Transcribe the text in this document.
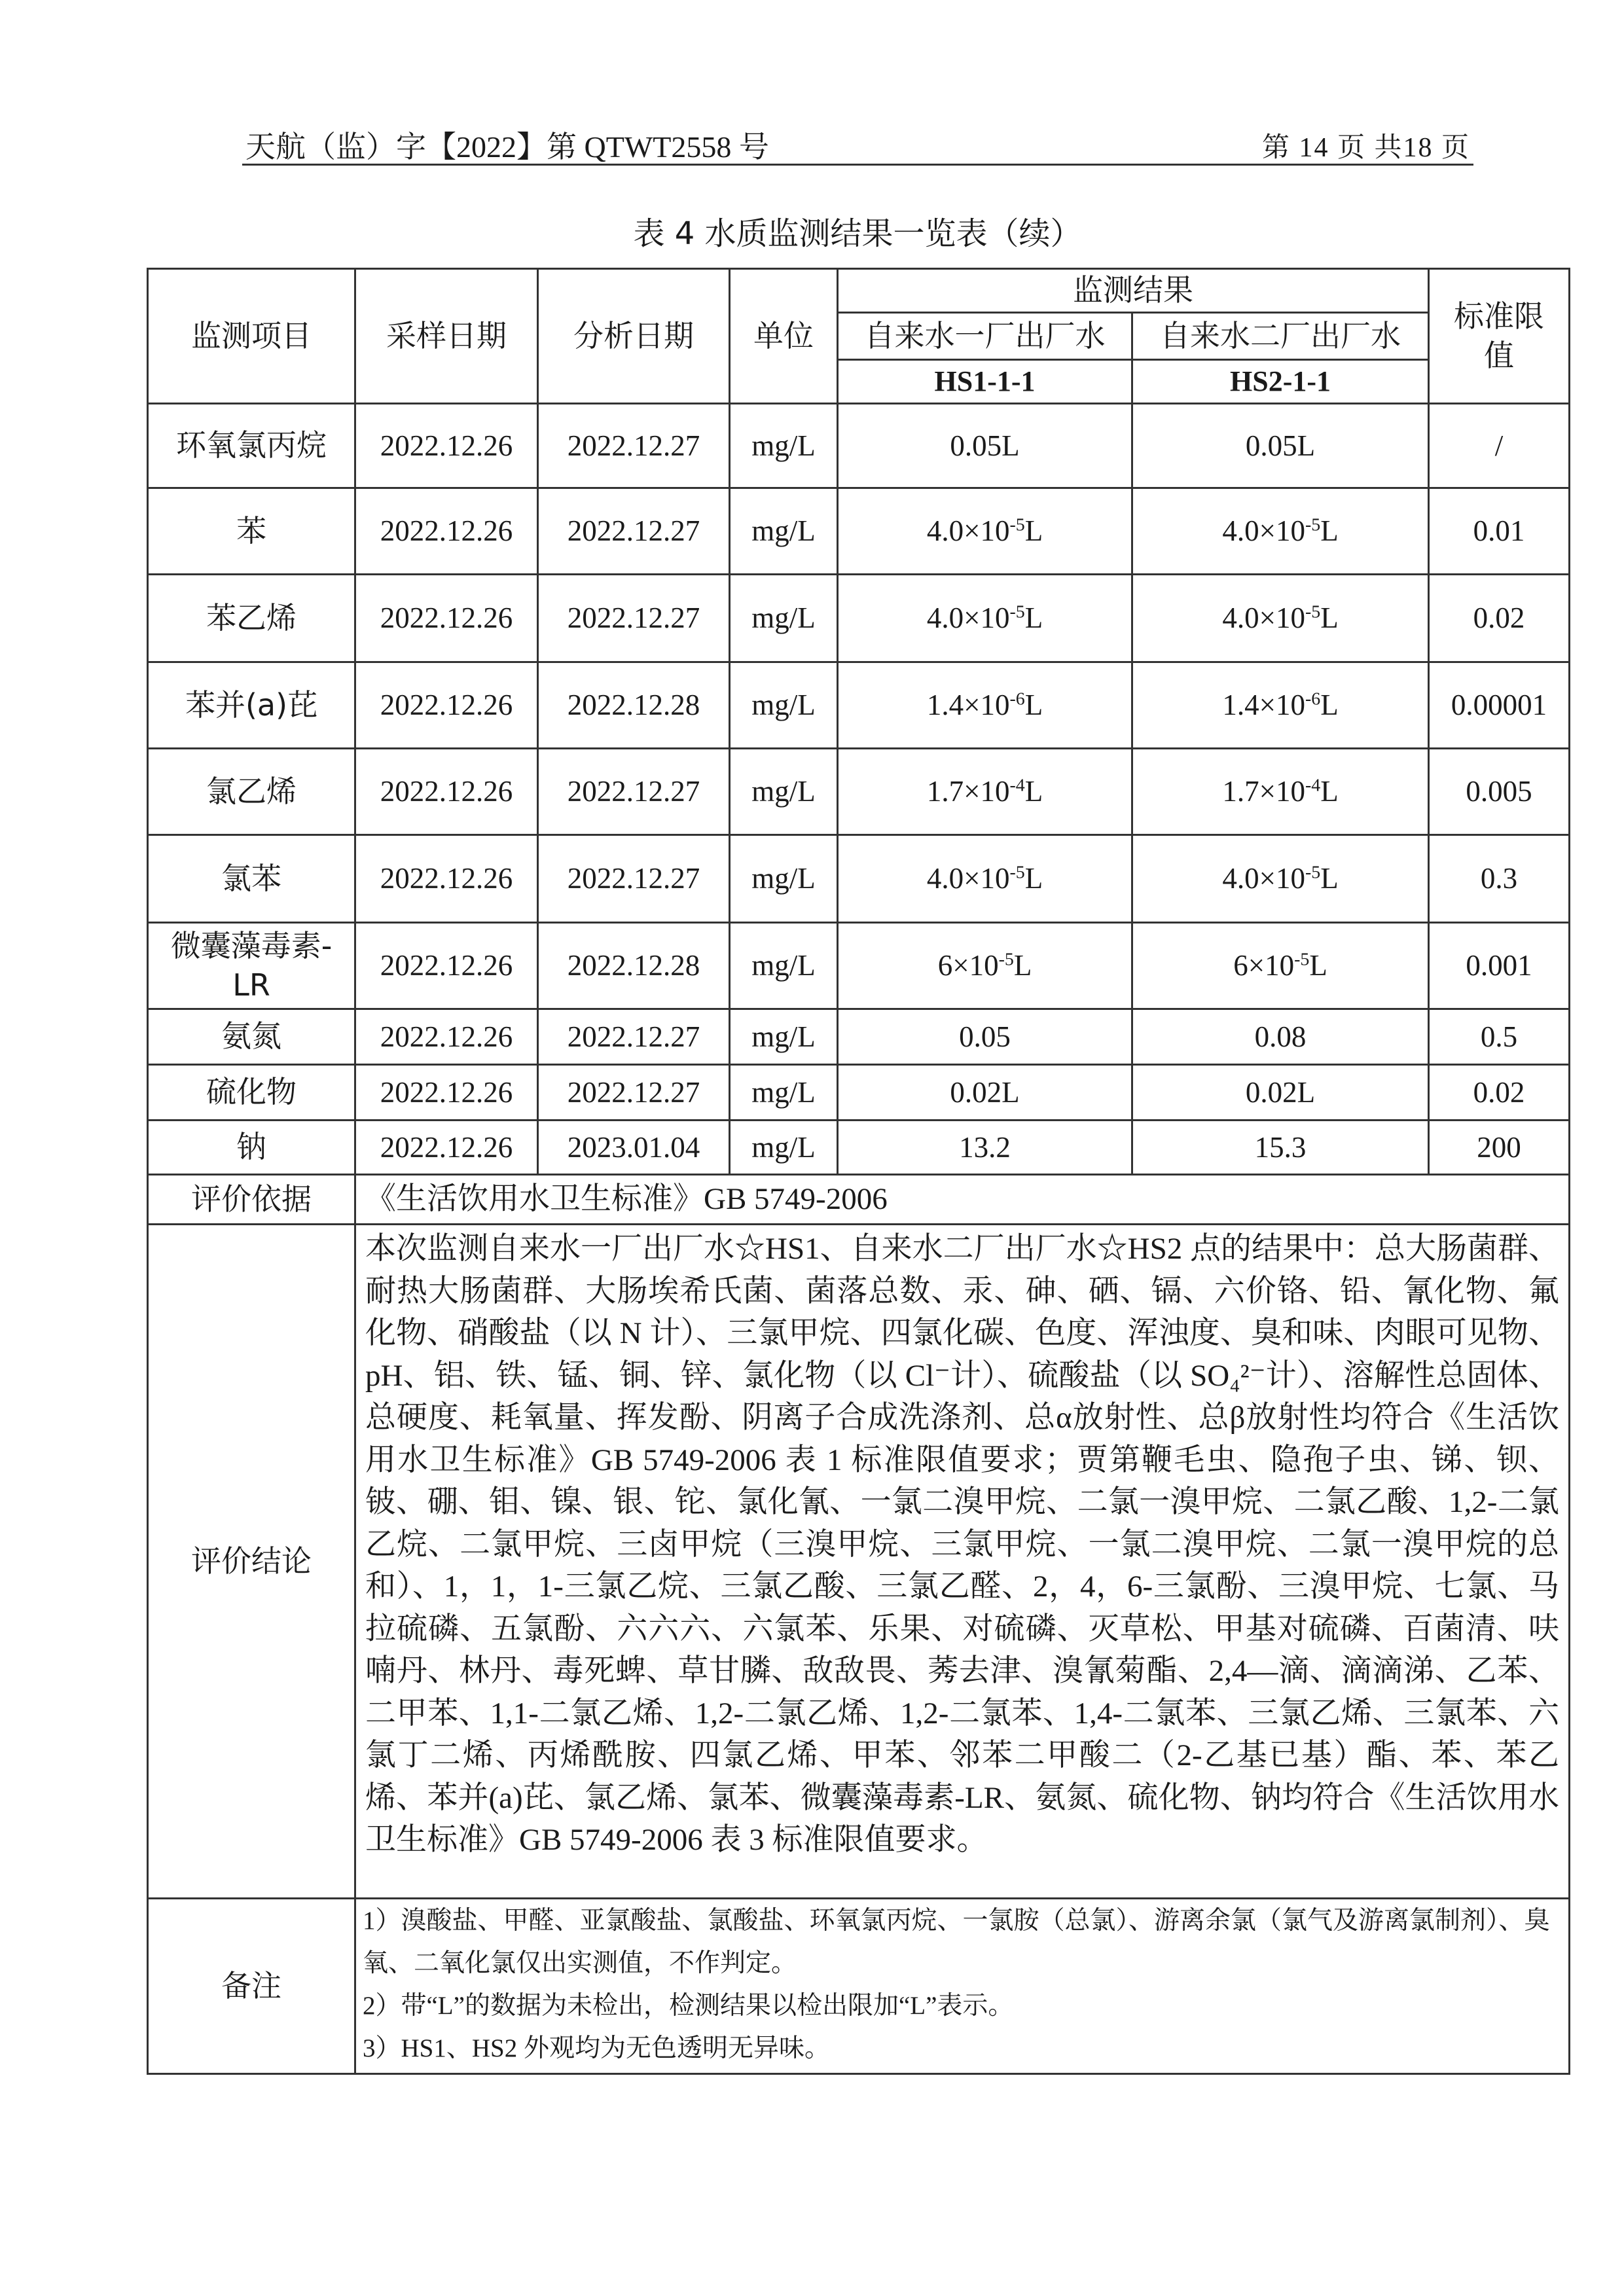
天航（监）字【2022】第 QTWT2558 号	第 14 页 共18 页
表 4 水质监测结果一览表（续）
监测项目	采样日期	分析日期	单位	监测结果		标准限值
				自来水一厂出厂水	自来水二厂出厂水	
				HS1-1-1	HS2-1-1	
环氧氯丙烷	2022.12.26	2022.12.27	mg/L	0.05L	0.05L	/
苯	2022.12.26	2022.12.27	mg/L	$4.0\times 10^{-5}L$	$4.0\times 10^{-5}L$	0.01
苯乙烯	2022.12.26	2022.12.27	mg/L	$4.0\times 10^{-5}L$	$4.0\times 10^{-5}L$	0.02
苯并(a)芘	2022.12.26	2022.12.28	mg/L	$1.4\times 10^{-6}L$	$1.4\times 10^{-6}L$	0.00001
氯乙烯	2022.12.26	2022.12.27	mg/L	$1.7\times 10^{-4}L$	$1.7\times 10^{-4}L$	0.005
氯苯	2022.12.26	2022.12.27	mg/L	$4.0\times 10^{-5}L$	$4.0\times 10^{-5}L$	0.3
微囊藻毒素-LR	2022.12.26	2022.12.28	mg/L	$6\times 10^{-5}L$	$6\times 10^{-5}L$	0.001
氨氮	2022.12.26	2022.12.27	mg/L	0.05	0.08	0.5
硫化物	2022.12.26	2022.12.27	mg/L	0.02L	0.02L	0.02
钠	2022.12.26	2023.01.04	mg/L	13.2	15.3	200
评价依据	《生活饮用水卫生标准》GB 5749-2006					
评价结论	本次监测自来水一厂出厂水☆HS1、自来水二厂出厂水☆HS2 点的结果中：总大肠菌群、耐热大肠菌群、大肠埃希氏菌、菌落总数、汞、砷、硒、镉、六价铬、铅、氰化物、氟化物、硝酸盐（以 N 计）、三氯甲烷、四氯化碳、色度、浑浊度、臭和味、肉眼可见物、pH、铝、铁、锰、铜、锌、氯化物（以 Cl⁻计）、硫酸盐（以 SO₄²⁻计）、溶解性总固体、总硬度、耗氧量、挥发酚、阴离子合成洗涤剂、总α放射性、总β放射性均符合《生活饮用水卫生标准》GB 5749-2006 表 1 标准限值要求；贾第鞭毛虫、隐孢子虫、锑、钡、铍、硼、钼、镍、银、铊、氯化氰、一氯二溴甲烷、二氯一溴甲烷、二氯乙酸、1,2-二氯乙烷、二氯甲烷、三卤甲烷（三溴甲烷、三氯甲烷、一氯二溴甲烷、二氯一溴甲烷的总和）、1，1，1-三氯乙烷、三氯乙酸、三氯乙醛、2，4，6-三氯酚、三溴甲烷、七氯、马拉硫磷、五氯酚、六六六、六氯苯、乐果、对硫磷、灭草松、甲基对硫磷、百菌清、呋喃丹、林丹、毒死蜱、草甘膦、敌敌畏、莠去津、溴氰菊酯、2,4—滴、滴滴涕、乙苯、二甲苯、1,1-二氯乙烯、1,2-二氯乙烯、1,2-二氯苯、1,4-二氯苯、三氯乙烯、三氯苯、六氯丁二烯、丙烯酰胺、四氯乙烯、甲苯、邻苯二甲酸二（2-乙基已基）酯、苯、苯乙烯、苯并(a)芘、氯乙烯、氯苯、微囊藻毒素-LR、氨氮、硫化物、钠均符合《生活饮用水卫生标准》GB 5749-2006 表 3 标准限值要求。					
备注	1）溴酸盐、甲醛、亚氯酸盐、氯酸盐、环氧氯丙烷、一氯胺（总氯）、游离余氯（氯气及游离氯制剂）、臭氧、二氧化氯仅出实测值，不作判定。
2）带“L”的数据为未检出，检测结果以检出限加“L”表示。
3）HS1、HS2 外观均为无色透明无异味。					
